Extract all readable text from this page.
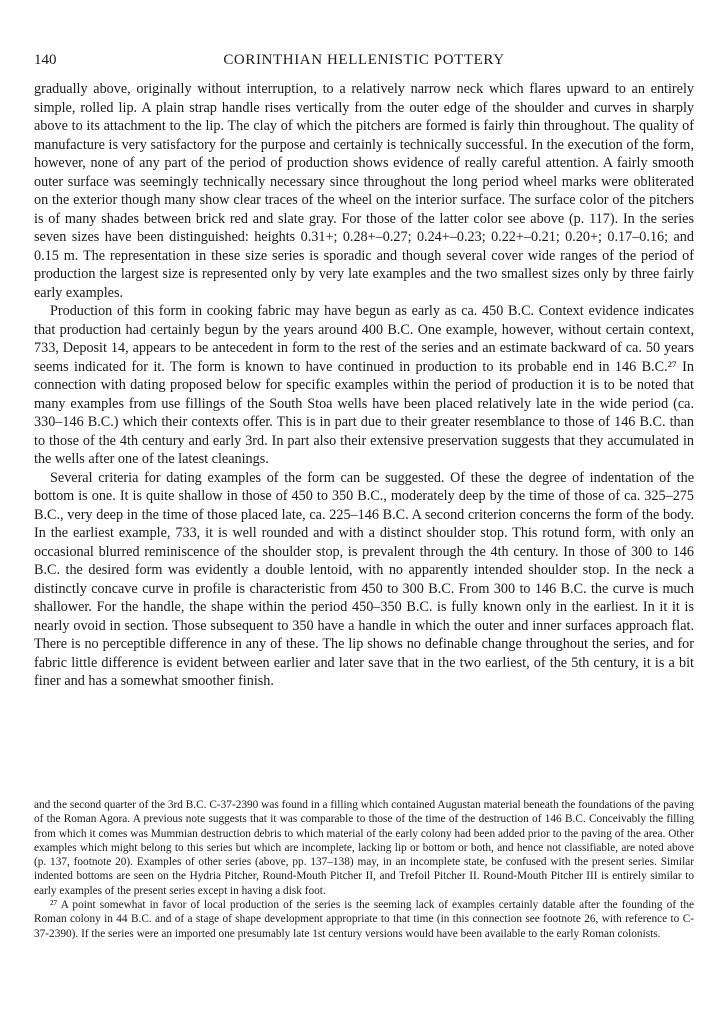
140	CORINTHIAN HELLENISTIC POTTERY

gradually above, originally without interruption, to a relatively narrow neck which flares upward to an entirely simple, rolled lip. A plain strap handle rises vertically from the outer edge of the shoulder and curves in sharply above to its attachment to the lip. The clay of which the pitchers are formed is fairly thin throughout. The quality of manufacture is very satisfactory for the purpose and certainly is technically successful. In the execution of the form, however, none of any part of the period of production shows evidence of really careful attention. A fairly smooth outer surface was seemingly technically necessary since throughout the long period wheel marks were obliterated on the exterior though many show clear traces of the wheel on the interior surface. The surface color of the pitchers is of many shades between brick red and slate gray. For those of the latter color see above (p. 117). In the series seven sizes have been distinguished: heights 0.31+; 0.28+–0.27; 0.24+–0.23; 0.22+–0.21; 0.20+; 0.17–0.16; and 0.15 m. The representation in these size series is sporadic and though several cover wide ranges of the period of production the largest size is represented only by very late examples and the two smallest sizes only by three fairly early examples.

Production of this form in cooking fabric may have begun as early as ca. 450 B.C. Context evidence indicates that production had certainly begun by the years around 400 B.C. One example, however, without certain context, 733, Deposit 14, appears to be antecedent in form to the rest of the series and an estimate backward of ca. 50 years seems indicated for it. The form is known to have continued in production to its probable end in 146 B.C.²⁷ In connection with dating proposed below for specific examples within the period of production it is to be noted that many examples from use fillings of the South Stoa wells have been placed relatively late in the wide period (ca. 330–146 B.C.) which their contexts offer. This is in part due to their greater resemblance to those of 146 B.C. than to those of the 4th century and early 3rd. In part also their extensive preservation suggests that they accumulated in the wells after one of the latest cleanings.

Several criteria for dating examples of the form can be suggested. Of these the degree of indentation of the bottom is one. It is quite shallow in those of 450 to 350 B.C., moderately deep by the time of those of ca. 325–275 B.C., very deep in the time of those placed late, ca. 225–146 B.C. A second criterion concerns the form of the body. In the earliest example, 733, it is well rounded and with a distinct shoulder stop. This rotund form, with only an occasional blurred reminiscence of the shoulder stop, is prevalent through the 4th century. In those of 300 to 146 B.C. the desired form was evidently a double lentoid, with no apparently intended shoulder stop. In the neck a distinctly concave curve in profile is characteristic from 450 to 300 B.C. From 300 to 146 B.C. the curve is much shallower. For the handle, the shape within the period 450–350 B.C. is fully known only in the earliest. In it it is nearly ovoid in section. Those subsequent to 350 have a handle in which the outer and inner surfaces approach flat. There is no perceptible difference in any of these. The lip shows no definable change throughout the series, and for fabric little difference is evident between earlier and later save that in the two earliest, of the 5th century, it is a bit finer and has a somewhat smoother finish.

and the second quarter of the 3rd B.C. C-37-2390 was found in a filling which contained Augustan material beneath the foundations of the paving of the Roman Agora. A previous note suggests that it was comparable to those of the time of the destruction of 146 B.C. Conceivably the filling from which it comes was Mummian destruction debris to which material of the early colony had been added prior to the paving of the area. Other examples which might belong to this series but which are incomplete, lacking lip or bottom or both, and hence not classifiable, are noted above (p. 137, footnote 20). Examples of other series (above, pp. 137–138) may, in an incomplete state, be confused with the present series. Similar indented bottoms are seen on the Hydria Pitcher, Round-Mouth Pitcher II, and Trefoil Pitcher II. Round-Mouth Pitcher III is entirely similar to early examples of the present series except in having a disk foot.

²⁷ A point somewhat in favor of local production of the series is the seeming lack of examples certainly datable after the founding of the Roman colony in 44 B.C. and of a stage of shape development appropriate to that time (in this connection see footnote 26, with reference to C-37-2390). If the series were an imported one presumably late 1st century versions would have been available to the early Roman colonists.
